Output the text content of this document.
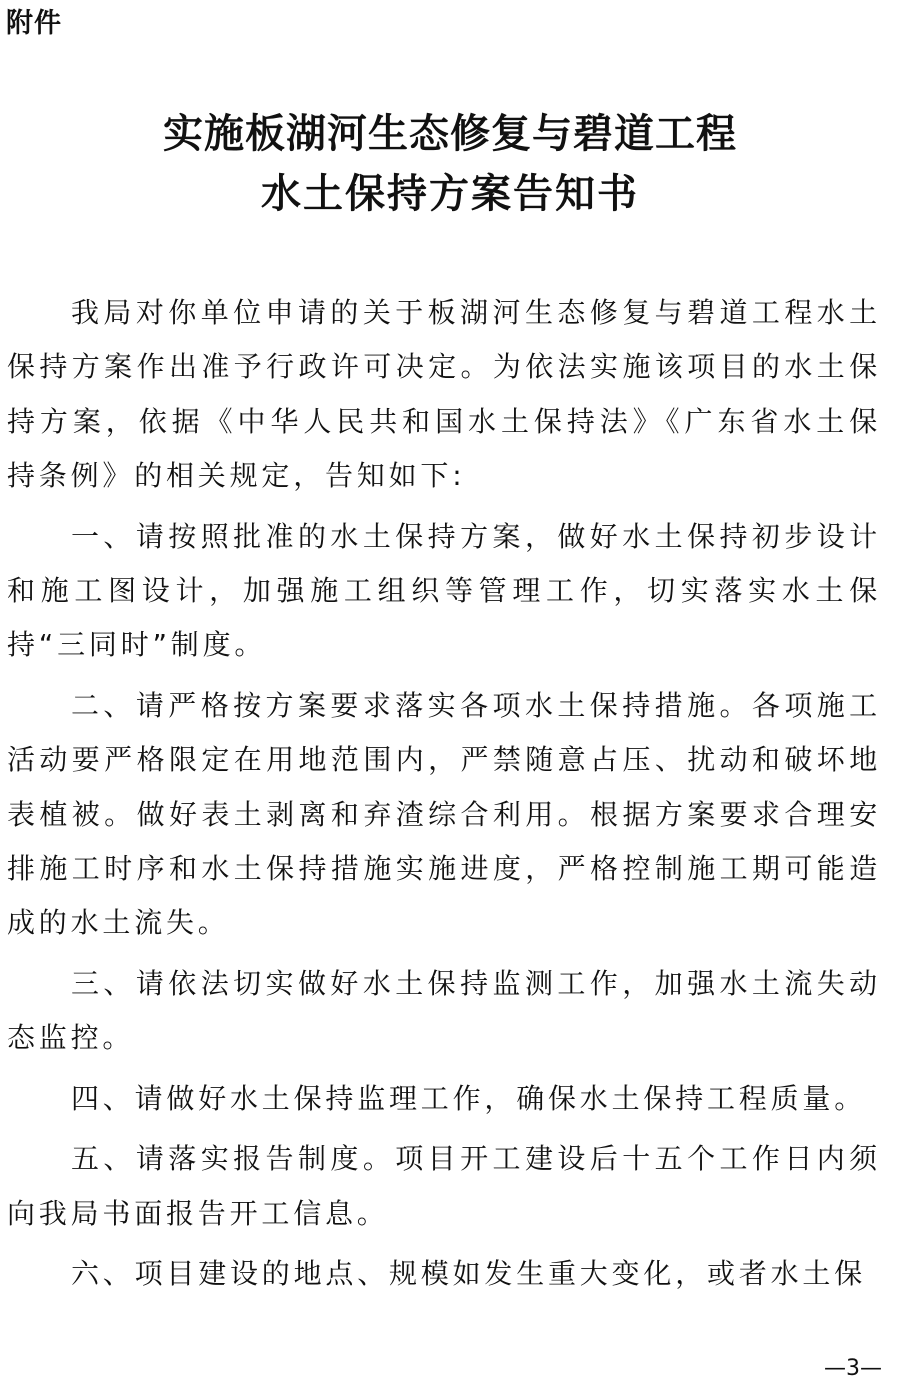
附件
实施板湖河生态修复与碧道工程
水土保持方案告知书

我局对你单位申请的关于板湖河生态修复与碧道工程水土保持方案作出准予行政许可决定。为依法实施该项目的水土保持方案，依据《中华人民共和国水土保持法》《广东省水土保持条例》的相关规定，告知如下:

一、请按照批准的水土保持方案，做好水土保持初步设计和施工图设计，加强施工组织等管理工作，切实落实水土保持“三同时”制度。

二、请严格按方案要求落实各项水土保持措施。各项施工活动要严格限定在用地范围内，严禁随意占压、扰动和破坏地表植被。做好表土剥离和弃渣综合利用。根据方案要求合理安排施工时序和水土保持措施实施进度，严格控制施工期可能造成的水土流失。

三、请依法切实做好水土保持监测工作，加强水土流失动态监控。

四、请做好水土保持监理工作，确保水土保持工程质量。

五、请落实报告制度。项目开工建设后十五个工作日内须向我局书面报告开工信息。

六、项目建设的地点、规模如发生重大变化，或者水土保

—3—
